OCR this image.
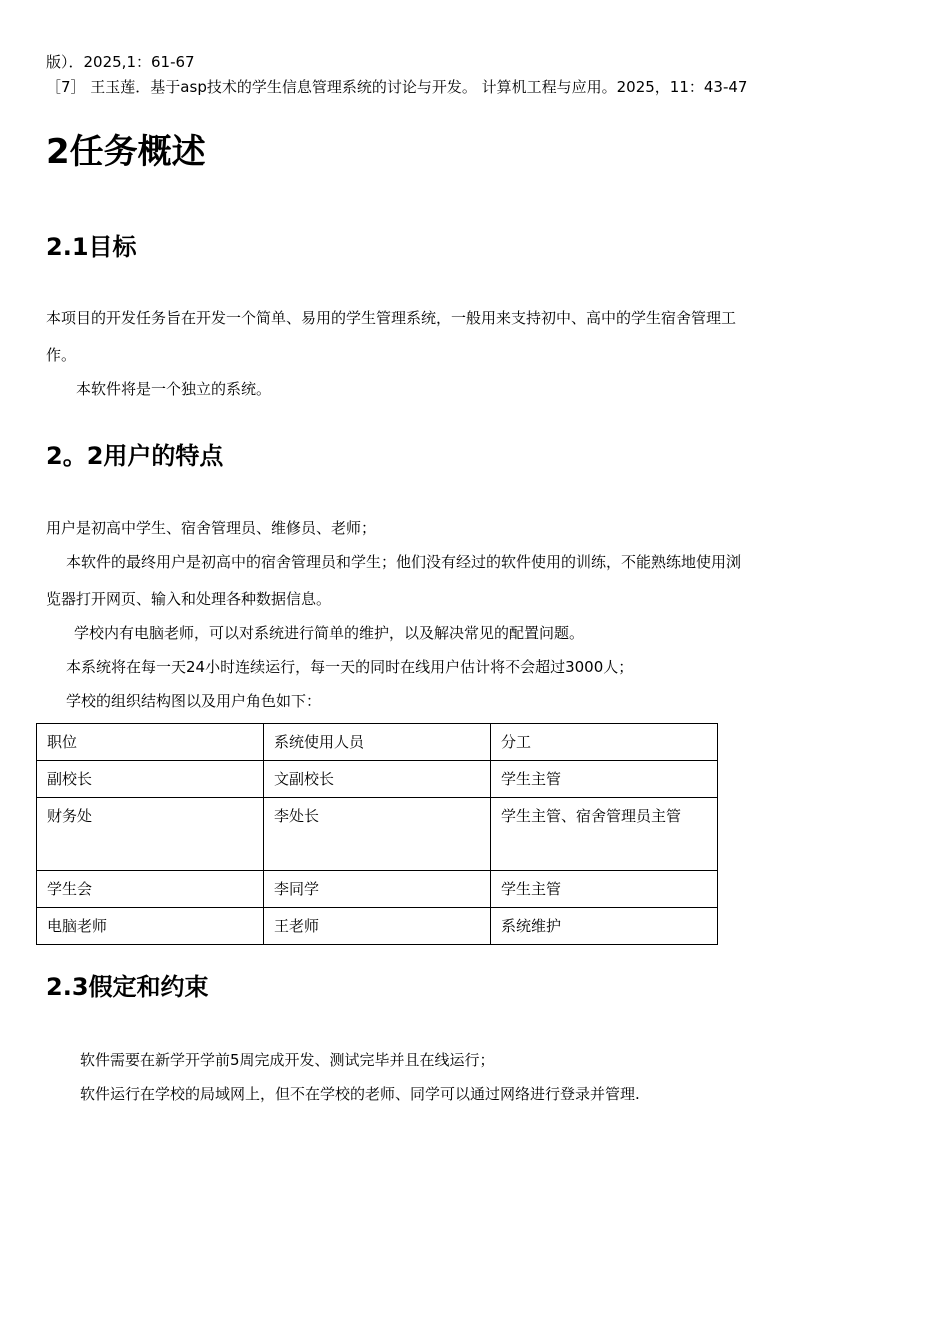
版）．2025,1：61-67
［7］ 王玉莲．基于asp技术的学生信息管理系统的讨论与开发。 计算机工程与应用。2025，11：43-47
2任务概述
2.1目标
本项目的开发任务旨在开发一个简单、易用的学生管理系统，一般用来支持初中、高中的学生宿舍管理工
作。
本软件将是一个独立的系统。
2。2用户的特点
用户是初高中学生、宿舍管理员、维修员、老师；
本软件的最终用户是初高中的宿舍管理员和学生；他们没有经过的软件使用的训练，不能熟练地使用浏
览器打开网页、输入和处理各种数据信息。
学校内有电脑老师，可以对系统进行简单的维护，以及解决常见的配置问题。
本系统将在每一天24小时连续运行，每一天的同时在线用户估计将不会超过3000人；
学校的组织结构图以及用户角色如下：
职位	系统使用人员	分工
副校长	文副校长	学生主管
财务处	李处长	学生主管、宿舍管理员主管
学生会	李同学	学生主管
电脑老师	王老师	系统维护
2.3假定和约束
软件需要在新学开学前5周完成开发、测试完毕并且在线运行；
软件运行在学校的局域网上，但不在学校的老师、同学可以通过网络进行登录并管理.
